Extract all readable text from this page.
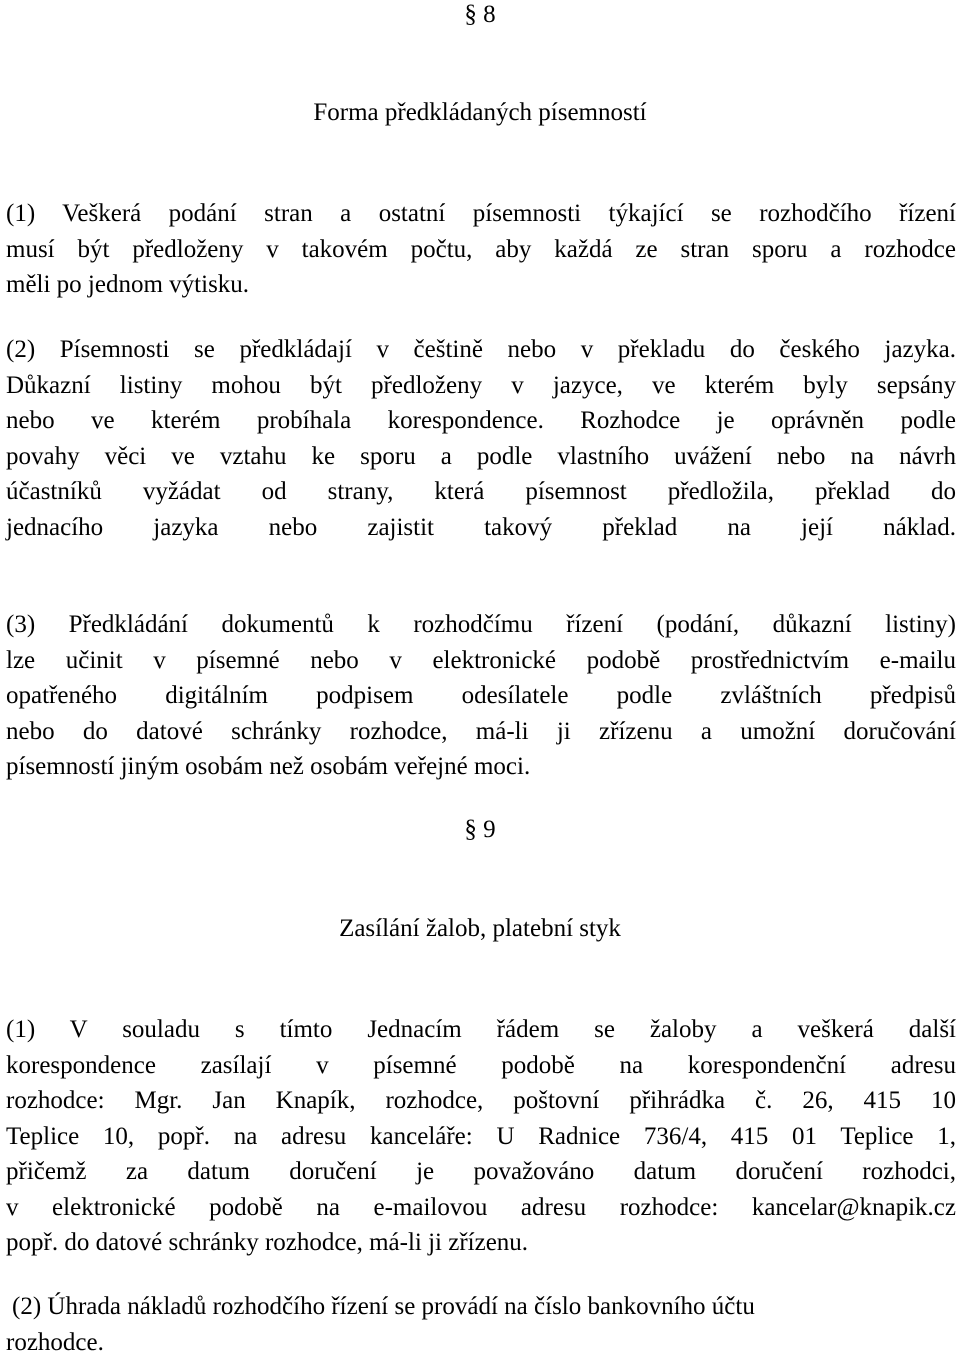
§ 8
Forma předkládaných písemností
(1) Veškerá podání stran a ostatní písemnosti týkající se rozhodčího řízení
musí být předloženy v takovém počtu, aby každá ze stran sporu a rozhodce
měli po jednom výtisku.
(2) Písemnosti se předkládají v češtině nebo v překladu do českého jazyka.
Důkazní listiny mohou být předloženy v jazyce, ve kterém byly sepsány
nebo ve kterém probíhala korespondence. Rozhodce je oprávněn podle
povahy věci ve vztahu ke sporu a podle vlastního uvážení nebo na návrh
účastníků vyžádat od strany, která písemnost předložila, překlad do
jednacího jazyka nebo zajistit takový překlad na její náklad.
(3) Předkládání dokumentů k rozhodčímu řízení (podání, důkazní listiny)
lze učinit v písemné nebo v elektronické podobě prostřednictvím e-mailu
opatřeného digitálním podpisem odesílatele podle zvláštních předpisů
nebo do datové schránky rozhodce, má-li ji zřízenu a umožní doručování
písemností jiným osobám než osobám veřejné moci.
§ 9
Zasílání žalob, platební styk
(1) V souladu s tímto Jednacím řádem se žaloby a veškerá další
korespondence zasílají v písemné podobě na korespondenční adresu
rozhodce: Mgr. Jan Knapík, rozhodce, poštovní přihrádka č. 26, 415 10
Teplice 10, popř. na adresu kanceláře: U Radnice 736/4, 415 01 Teplice 1,
přičemž za datum doručení je považováno datum doručení rozhodci,
v elektronické podobě na e-mailovou adresu rozhodce: kancelar@knapik.cz
popř. do datové schránky rozhodce, má-li ji zřízenu.
(2) Úhrada nákladů rozhodčího řízení se provádí na číslo bankovního účtu
rozhodce.
